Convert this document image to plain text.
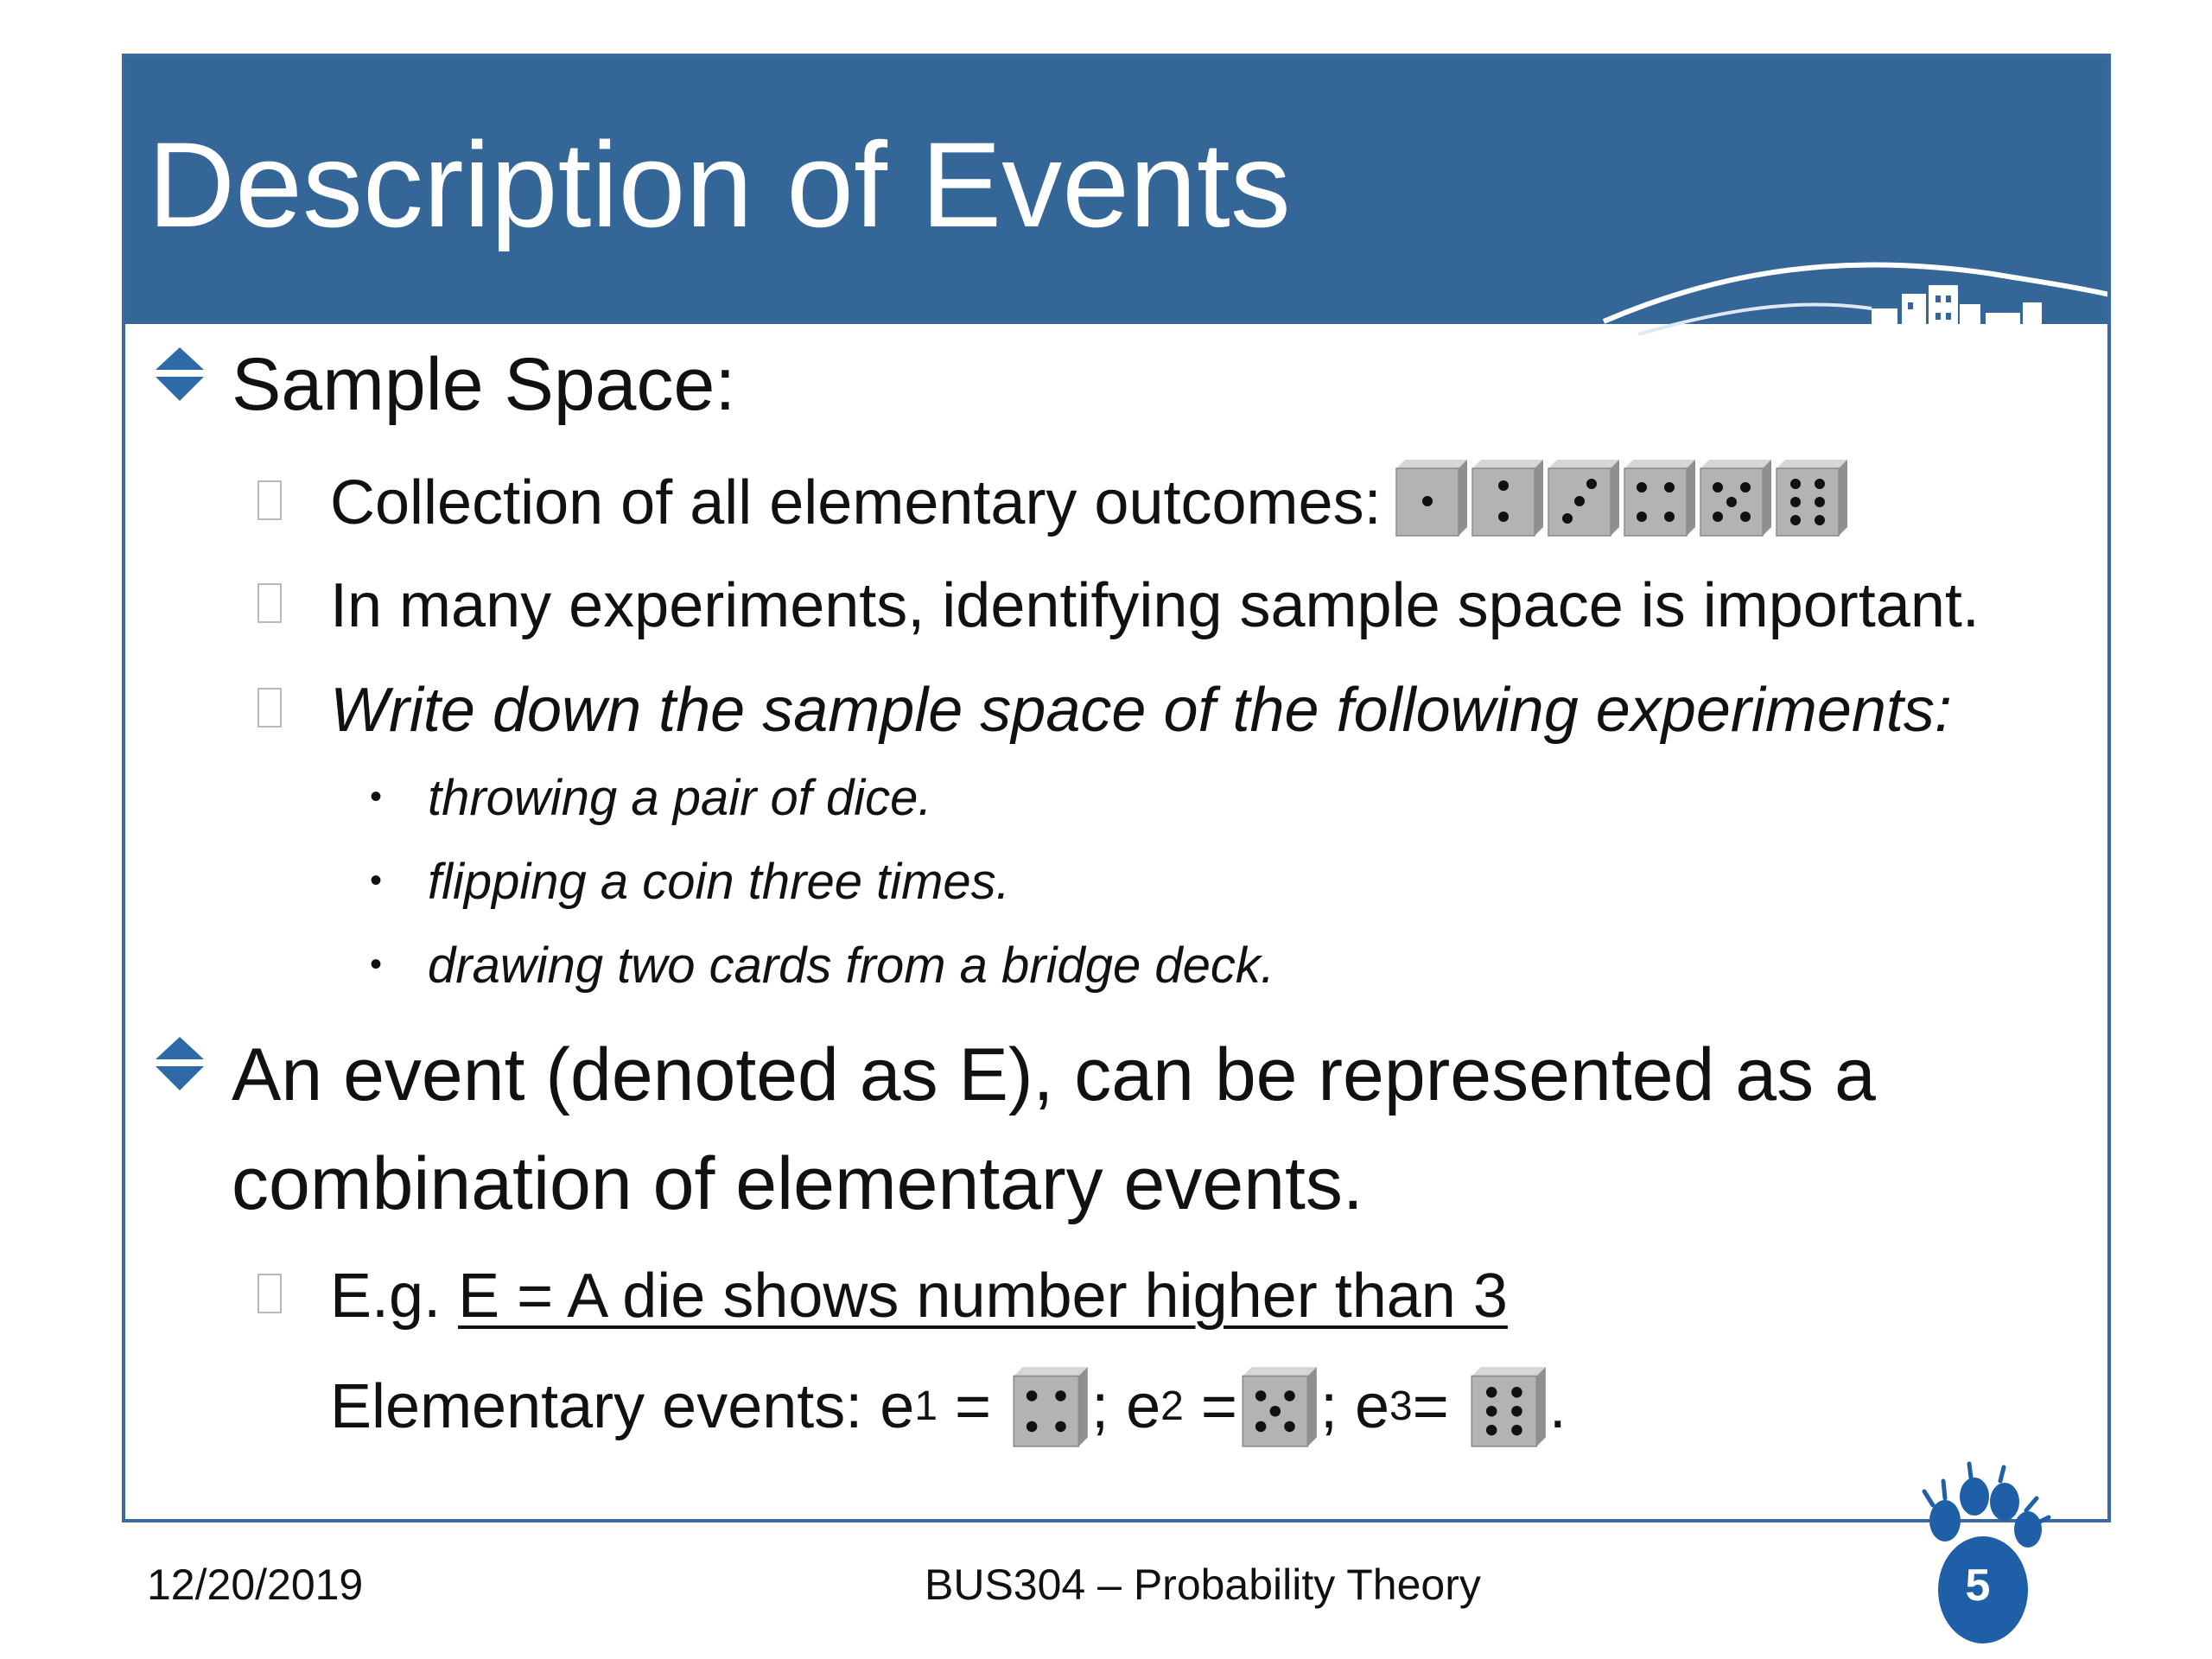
Description of Events
Sample Space:
Collection of all elementary outcomes:
In many experiments, identifying sample space is important.
Write down the sample space of the following experiments:
• throwing a pair of dice.
• flipping a coin three times.
• drawing two cards from a bridge deck.
An event (denoted as E), can be represented as a
combination of elementary events.
E.g. E = A die shows number higher than 3
Elementary events: e 1 = ; e 2 = ; e 3 = .
12/20/2019	BUS304 – Probability Theory	5
